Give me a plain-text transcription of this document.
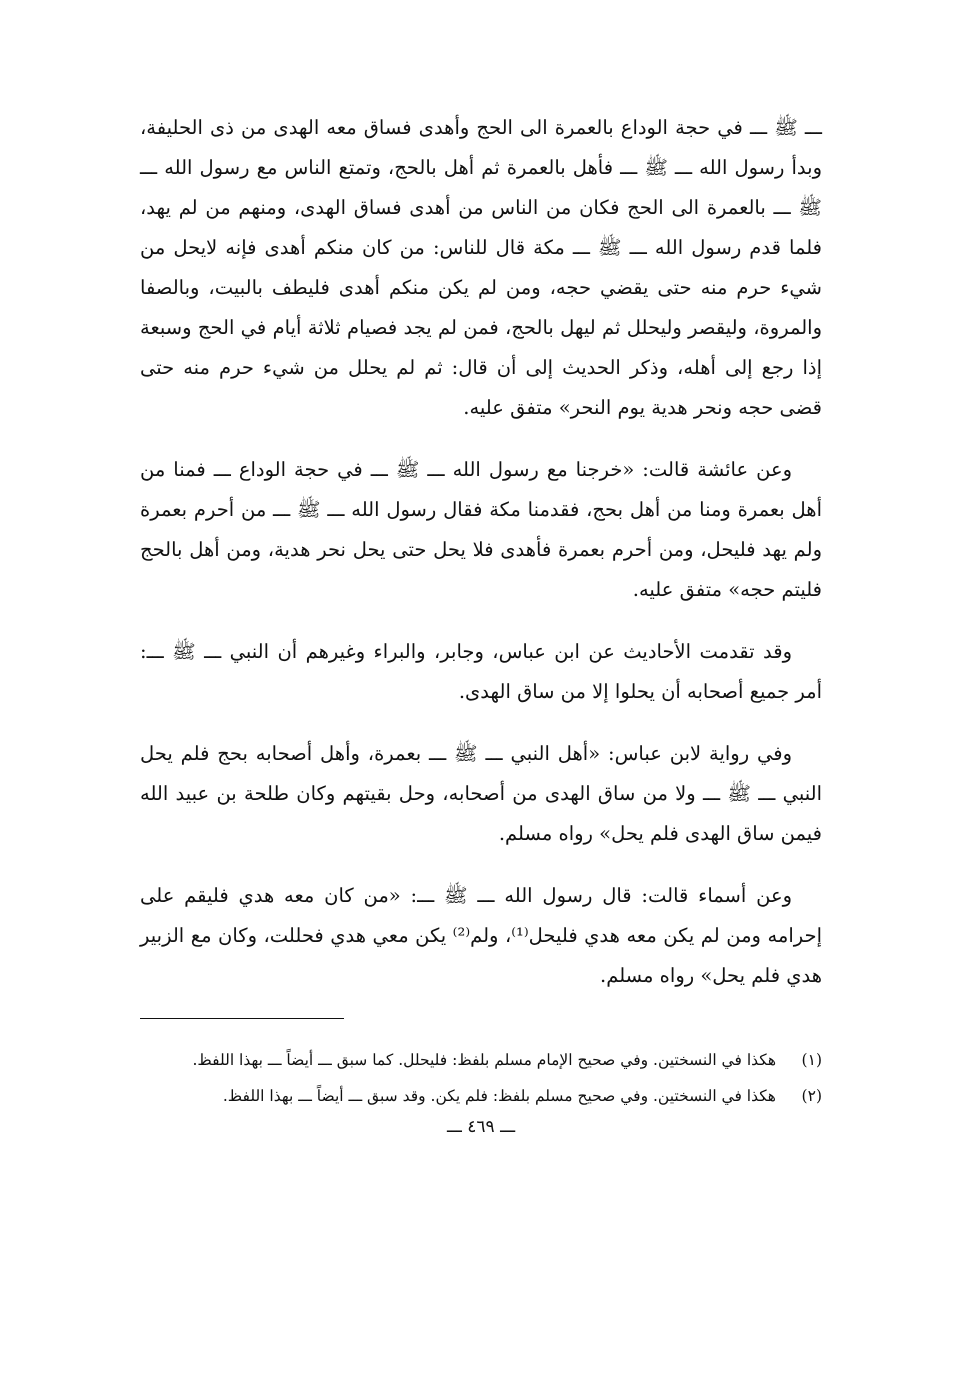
ـــ ﷺ ـــ في حجة الوداع بالعمرة الى الحج وأهدى فساق معه الهدى من ذى الحليفة، وبدأ رسول الله ـــ ﷺ ـــ فأهل بالعمرة ثم أهل بالحج، وتمتع الناس مع رسول الله ـــ ﷺ ـــ بالعمرة الى الحج فكان من الناس من أهدى فساق الهدى، ومنهم من لم يهد، فلما قدم رسول الله ـــ ﷺ ـــ مكة قال للناس: من كان منكم أهدى فإنه لايحل من شيء حرم منه حتى يقضي حجه، ومن لم يكن منكم أهدى فليطف بالبيت، وبالصفا والمروة، وليقصر وليحلل ثم ليهل بالحج، فمن لم يجد فصيام ثلاثة أيام في الحج وسبعة إذا رجع إلى أهله، وذكر الحديث إلى أن قال: ثم لم يحلل من شيء حرم منه حتى قضى حجه ونحر هدية يوم النحر» متفق عليه.

وعن عائشة قالت: «خرجنا مع رسول الله ـــ ﷺ ـــ في حجة الوداع ـــ فمنا من أهل بعمرة ومنا من أهل بحج، فقدمنا مكة فقال رسول الله ـــ ﷺ ـــ من أحرم بعمرة ولم يهد فليحل، ومن أحرم بعمرة فأهدى فلا يحل حتى يحل نحر هدية، ومن أهل بالحج فليتم حجه» متفق عليه.

وقد تقدمت الأحاديث عن ابن عباس، وجابر، والبراء وغيرهم أن النبي ـــ ﷺ ـــ: أمر جميع أصحابه أن يحلوا إلا من ساق الهدى.

وفي رواية لابن عباس: «أهل النبي ـــ ﷺ ـــ بعمرة، وأهل أصحابه بحج فلم يحل النبي ـــ ﷺ ـــ ولا من ساق الهدى من أصحابه، وحل بقيتهم وكان طلحة بن عبيد الله فيمن ساق الهدى فلم يحل» رواه مسلم.

وعن أسماء قالت: قال رسول الله ـــ ﷺ ـــ: «من كان معه هدي فليقم على إحرامه ومن لم يكن معه هدي فليحل⁽¹⁾، ولم⁽²⁾ يكن معي هدي فحللت، وكان مع الزبير هدي فلم يحل» رواه مسلم.

(١)
هكذا في النسختين. وفي صحيح الإمام مسلم بلفظ: فليحلل. كما سبق ـــ أيضاً ـــ بهذا اللفظ.
(٢)
هكذا في النسختين. وفي صحيح مسلم بلفظ: فلم يكن. وقد سبق ـــ أيضاً ـــ بهذا اللفظ.
ـــ ٤٦٩ ـــ
